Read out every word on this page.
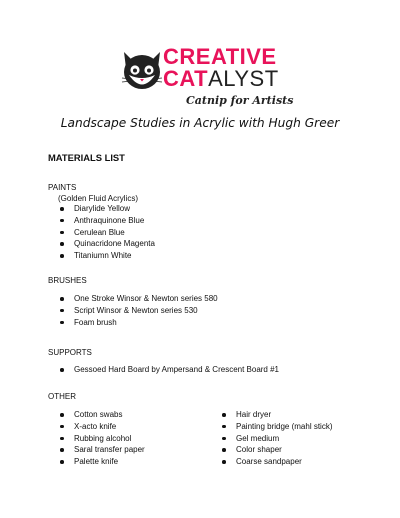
CREATIVE
CATALYST
Catnip for Artists
Landscape Studies in Acrylic with Hugh Greer
MATERIALS LIST
PAINTS
(Golden Fluid Acrylics)
Diarylide Yellow
Anthraquinone Blue
Cerulean Blue
Quinacridone Magenta
Titaniumn White
BRUSHES
One Stroke Winsor & Newton series 580
Script Winsor & Newton series 530
Foam brush
SUPPORTS
Gessoed Hard Board by Ampersand & Crescent Board #1
OTHER
Cotton swabs
X-acto knife
Rubbing alcohol
Saral transfer paper
Palette knife
Hair dryer
Painting bridge (mahl stick)
Gel medium
Color shaper
Coarse sandpaper
